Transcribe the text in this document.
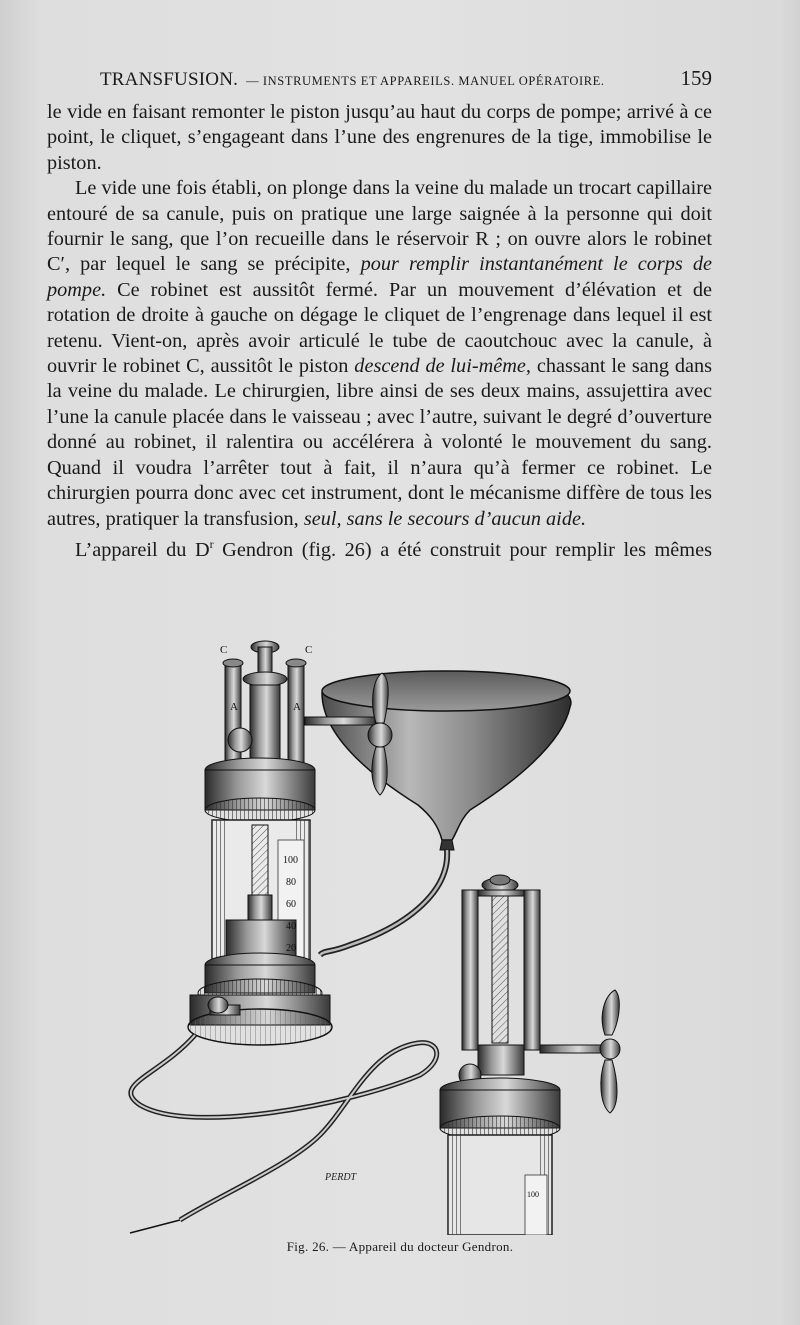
TRANSFUSION. — INSTRUMENTS ET APPAREILS. MANUEL OPÉRATOIRE.	159

le vide en faisant remonter le piston jusqu’au haut du corps de pompe; arrivé à ce point, le cliquet, s’engageant dans l’une des engrenures de la tige, immobilise le piston.

Le vide une fois établi, on plonge dans la veine du malade un trocart capillaire entouré de sa canule, puis on pratique une large saignée à la personne qui doit fournir le sang, que l’on recueille dans le réservoir R ; on ouvre alors le robinet C′, par lequel le sang se précipite, pour remplir instantanément le corps de pompe. Ce robinet est aussitôt fermé. Par un mouvement d’élévation et de rotation de droite à gauche on dégage le cliquet de l’engrenage dans lequel il est retenu. Vient-on, après avoir articulé le tube de caoutchouc avec la canule, à ouvrir le robinet C, aussitôt le piston descend de lui-même, chassant le sang dans la veine du malade. Le chirurgien, libre ainsi de ses deux mains, assujettira avec l’une la canule placée dans le vaisseau ; avec l’autre, suivant le degré d’ouverture donné au robinet, il ralentira ou accélérera à volonté le mouvement du sang. Quand il voudra l’arrêter tout à fait, il n’aura qu’à fermer ce robinet. Le chirurgien pourra donc avec cet instrument, dont le mécanisme diffère de tous les autres, pratiquer la transfusion, seul, sans le secours d’aucun aide.

L’appareil du $D^r$ Gendron (fig. 26) a été construit pour remplir les mêmes

100
80
60
40
20
C	C
A	A
100
PERDT
Fig. 26. — Appareil du docteur Gendron.
